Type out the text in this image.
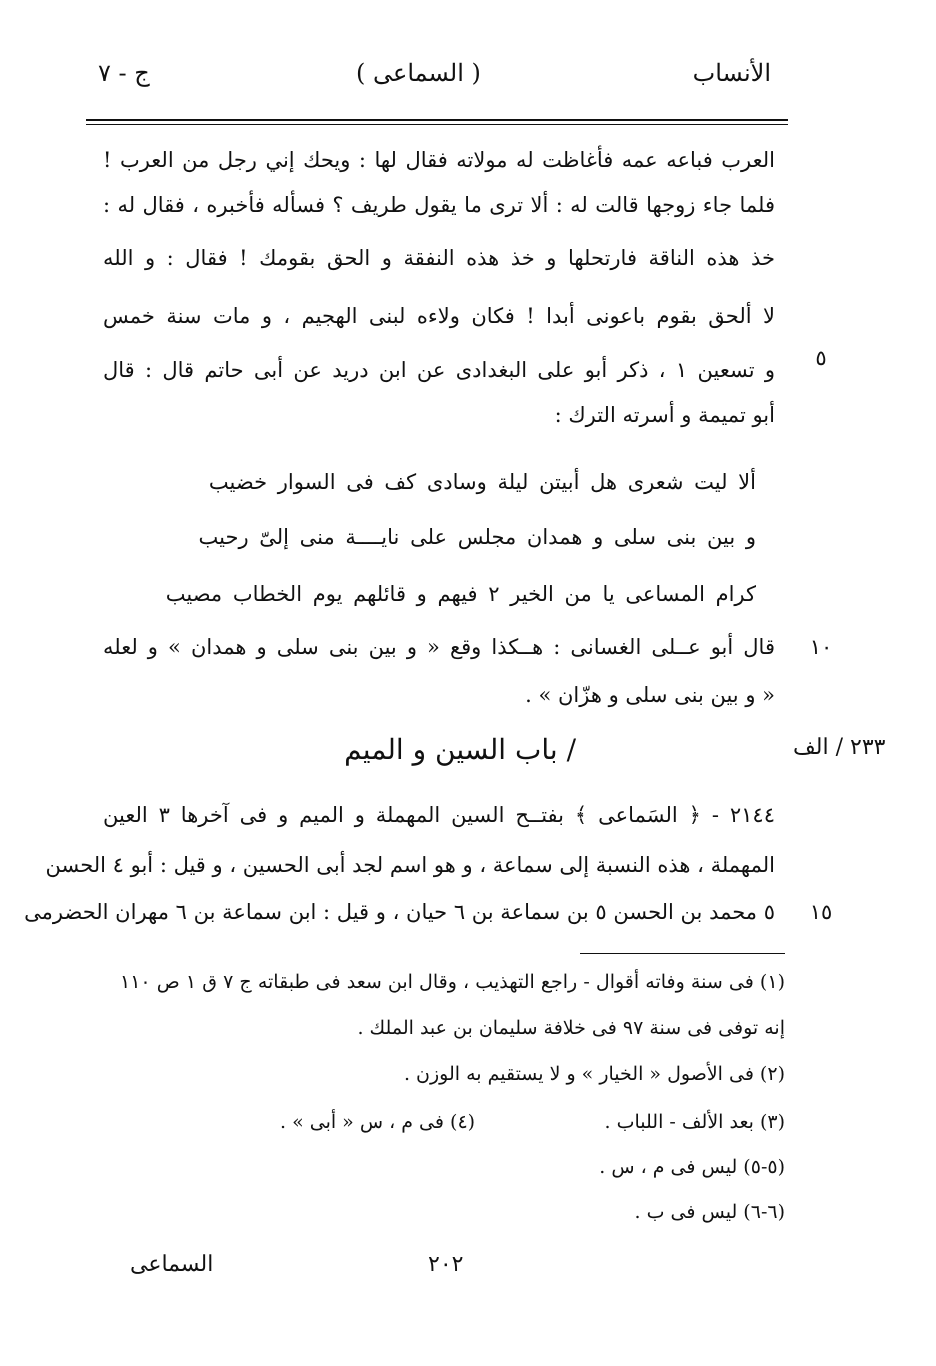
الأنساب
( السماعى )
ج - ٧
العرب فباعه عمه فأغاظت له مولاته فقال لها : ويحك إني رجل من العرب !
فلما جاء زوجها قالت له : ألا ترى ما يقول طريف ؟ فسأله فأخبره ، فقال له :
خذ هذه الناقة فارتحلها و خذ هذه النفقة و الحق بقومك ! فقال : و الله
لا ألحق بقوم باعونى أبدا ! فكان ولاءه لبنى الهجيم ، و مات سنة خمس
و تسعين ١ ، ذكر أبو على البغدادى عن ابن دريد عن أبى حاتم قال : قال	٥
أبو تميمة و أسرته الترك :
ألا ليت شعرى هل أبيتن ليلة وسادى كف فى السوار خضيب
و بين بنى سلى و همدان مجلس على نايــــة منى إلىّ رحيب
كرام المساعى يا من الخير ٢ فيهم و قائلهم يوم الخطاب مصيب
قال أبو عــلى الغسانى : هــكذا وقع « و بين بنى سلى و همدان » و لعله ١٠
« و بين بنى سلى و هزّان » .
٢٣٣ / الف
/ باب السين و الميم
٢١٤٤ - ﴿ السَماعى ﴾ بفتــح السين المهملة و الميم و فى آخرها ٣ العين
المهملة ، هذه النسبة إلى سماعة ، و هو اسم لجد أبى الحسين ، و قيل : أبو ٤ الحسن
٥ محمد بن الحسن ٥ بن سماعة بن ٦ حيان ، و قيل : ابن سماعة بن ٦ مهران الحضرمى ١٥
(١) فى سنة وفاته أقوال - راجع التهذيب ، وقال ابن سعد فى طبقاته ج ٧ ق ١ ص ١١٠
إنه توفى فى سنة ٩٧ فى خلافة سليمان بن عبد الملك .
(٢) فى الأصول « الخيار » و لا يستقيم به الوزن .
(٣) بعد الألف - اللباب .
(٤) فى م ، س « أبى » .
(٥-٥) ليس فى م ، س .
(٦-٦) ليس فى ب .
٢٠٢
السماعى
